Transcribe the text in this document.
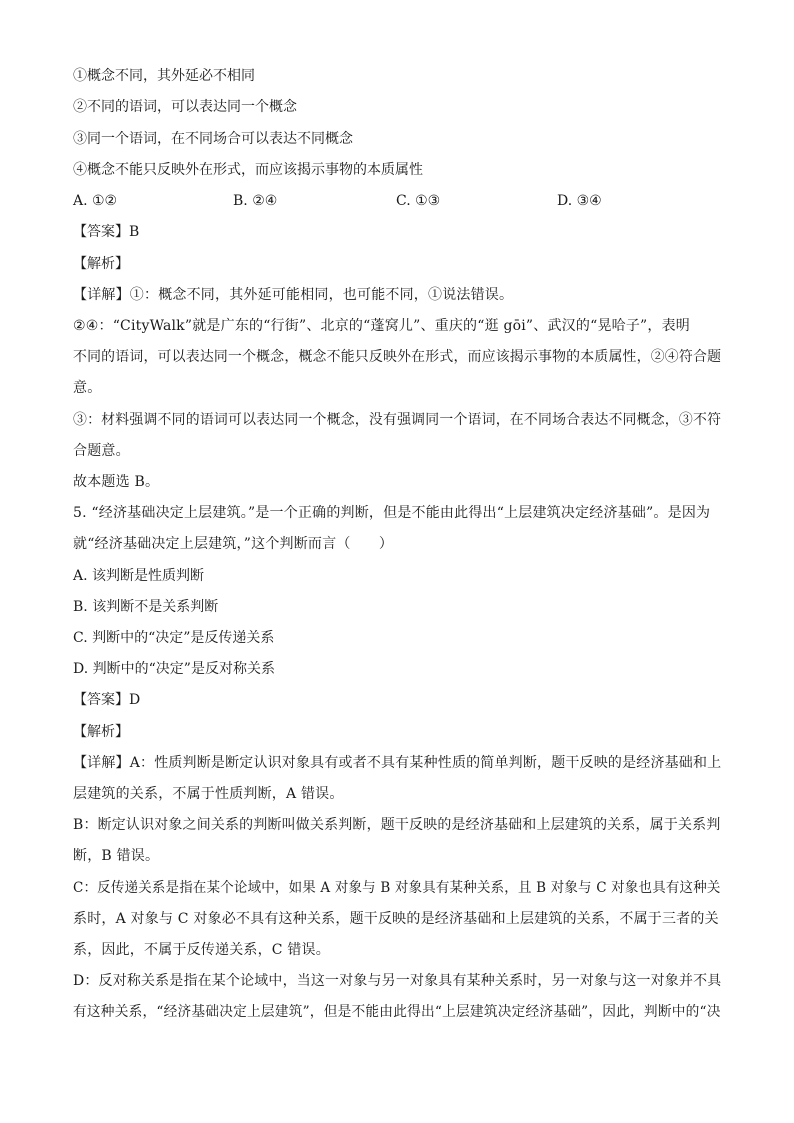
①概念不同，其外延必不相同
②不同的语词，可以表达同一个概念
③同一个语词，在不同场合可以表达不同概念
④概念不能只反映外在形式，而应该揭示事物的本质属性
A. ①②	B. ②④	C. ①③	D. ③④
【答案】B
【解析】
【详解】①：概念不同，其外延可能相同，也可能不同，①说法错误。
②④：“CityWalk”就是广东的“行街”、北京的“蓬窝儿”、重庆的“逛 gōi”、武汉的“晃哈子”，表明
不同的语词，可以表达同一个概念，概念不能只反映外在形式，而应该揭示事物的本质属性，②④符合题
意。
③：材料强调不同的语词可以表达同一个概念，没有强调同一个语词，在不同场合表达不同概念，③不符
合题意。
故本题选 B。
5. “经济基础决定上层建筑。”是一个正确的判断，但是不能由此得出“上层建筑决定经济基础”。是因为
就“经济基础决定上层建筑，”这个判断而言（　　）
A. 该判断是性质判断
B. 该判断不是关系判断
C. 判断中的“决定”是反传递关系
D. 判断中的“决定”是反对称关系
【答案】D
【解析】
【详解】A：性质判断是断定认识对象具有或者不具有某种性质的简单判断，题干反映的是经济基础和上
层建筑的关系，不属于性质判断，A 错误。
B：断定认识对象之间关系的判断叫做关系判断，题干反映的是经济基础和上层建筑的关系，属于关系判
断，B 错误。
C：反传递关系是指在某个论域中，如果 A 对象与 B 对象具有某种关系，且 B 对象与 C 对象也具有这种关
系时，A 对象与 C 对象必不具有这种关系，题干反映的是经济基础和上层建筑的关系，不属于三者的关
系，因此，不属于反传递关系，C 错误。
D：反对称关系是指在某个论域中，当这一对象与另一对象具有某种关系时，另一对象与这一对象并不具
有这种关系，“经济基础决定上层建筑”，但是不能由此得出“上层建筑决定经济基础”，因此，判断中的“决
